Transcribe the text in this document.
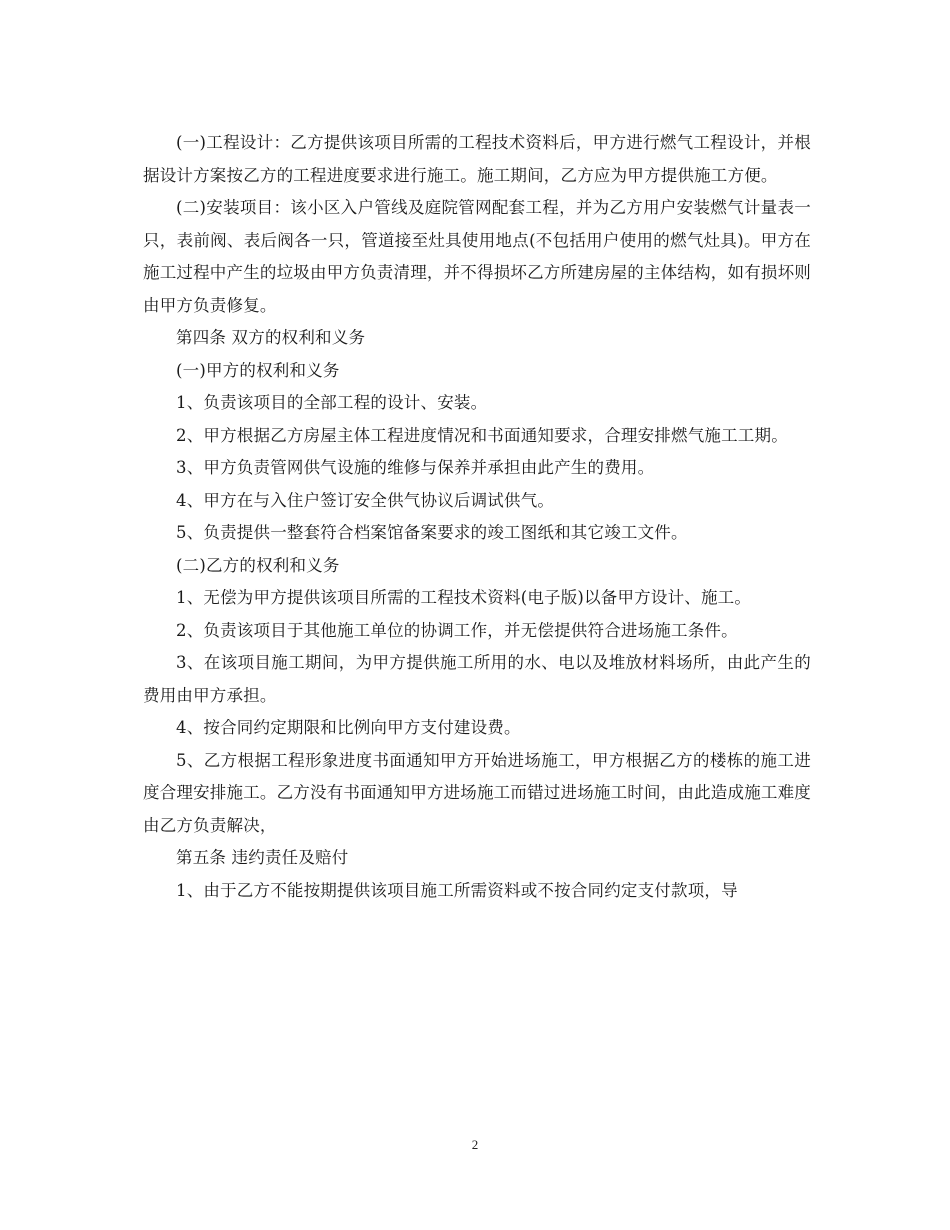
(一)工程设计：乙方提供该项目所需的工程技术资料后，甲方进行燃气工程设计，并根据设计方案按乙方的工程进度要求进行施工。施工期间，乙方应为甲方提供施工方便。

(二)安装项目：该小区入户管线及庭院管网配套工程，并为乙方用户安装燃气计量表一只，表前阀、表后阀各一只，管道接至灶具使用地点(不包括用户使用的燃气灶具)。甲方在施工过程中产生的垃圾由甲方负责清理，并不得损坏乙方所建房屋的主体结构，如有损坏则由甲方负责修复。

第四条 双方的权利和义务

(一)甲方的权利和义务

1、负责该项目的全部工程的设计、安装。

2、甲方根据乙方房屋主体工程进度情况和书面通知要求，合理安排燃气施工工期。

3、甲方负责管网供气设施的维修与保养并承担由此产生的费用。

4、甲方在与入住户签订安全供气协议后调试供气。

5、负责提供一整套符合档案馆备案要求的竣工图纸和其它竣工文件。

(二)乙方的权利和义务

1、无偿为甲方提供该项目所需的工程技术资料(电子版)以备甲方设计、施工。

2、负责该项目于其他施工单位的协调工作，并无偿提供符合进场施工条件。

3、在该项目施工期间，为甲方提供施工所用的水、电以及堆放材料场所，由此产生的费用由甲方承担。

4、按合同约定期限和比例向甲方支付建设费。

5、乙方根据工程形象进度书面通知甲方开始进场施工，甲方根据乙方的楼栋的施工进度合理安排施工。乙方没有书面通知甲方进场施工而错过进场施工时间，由此造成施工难度由乙方负责解决，

第五条 违约责任及赔付

1、由于乙方不能按期提供该项目施工所需资料或不按合同约定支付款项，导

2
